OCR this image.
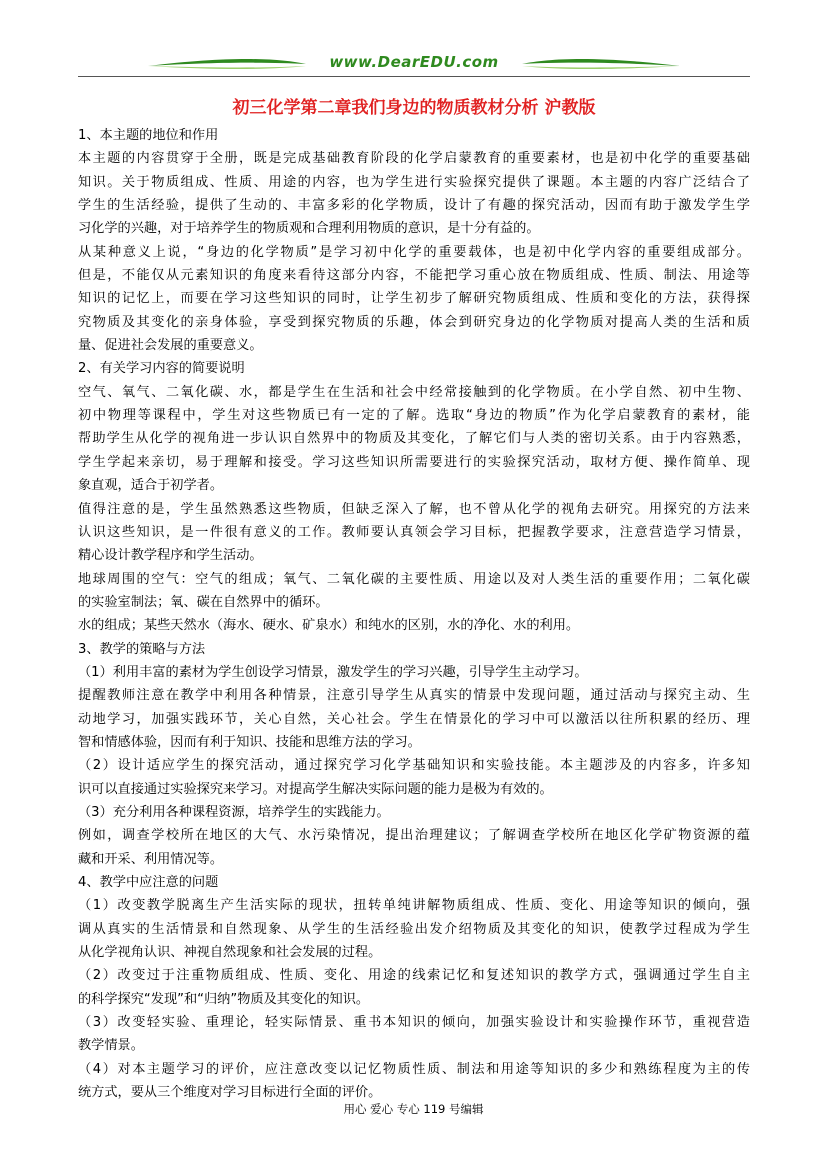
www.DearEDU.com
初三化学第二章我们身边的物质教材分析 沪教版
1、本主题的地位和作用
本主题的内容贯穿于全册，既是完成基础教育阶段的化学启蒙教育的重要素材，也是初中化学的重要基础
知识。关于物质组成、性质、用途的内容，也为学生进行实验探究提供了课题。本主题的内容广泛结合了
学生的生活经验，提供了生动的、丰富多彩的化学物质，设计了有趣的探究活动，因而有助于激发学生学
习化学的兴趣，对于培养学生的物质观和合理利用物质的意识，是十分有益的。
从某种意义上说，“身边的化学物质”是学习初中化学的重要载体，也是初中化学内容的重要组成部分。
但是，不能仅从元素知识的角度来看待这部分内容，不能把学习重心放在物质组成、性质、制法、用途等
知识的记忆上，而要在学习这些知识的同时，让学生初步了解研究物质组成、性质和变化的方法，获得探
究物质及其变化的亲身体验，享受到探究物质的乐趣，体会到研究身边的化学物质对提高人类的生活和质
量、促进社会发展的重要意义。
2、有关学习内容的简要说明
空气、氧气、二氧化碳、水，都是学生在生活和社会中经常接触到的化学物质。在小学自然、初中生物、
初中物理等课程中，学生对这些物质已有一定的了解。选取“身边的物质”作为化学启蒙教育的素材，能
帮助学生从化学的视角进一步认识自然界中的物质及其变化，了解它们与人类的密切关系。由于内容熟悉，
学生学起来亲切，易于理解和接受。学习这些知识所需要进行的实验探究活动，取材方便、操作简单、现
象直观，适合于初学者。
值得注意的是，学生虽然熟悉这些物质，但缺乏深入了解，也不曾从化学的视角去研究。用探究的方法来
认识这些知识，是一件很有意义的工作。教师要认真领会学习目标，把握教学要求，注意营造学习情景，
精心设计教学程序和学生活动。
地球周围的空气：空气的组成；氧气、二氧化碳的主要性质、用途以及对人类生活的重要作用；二氧化碳
的实验室制法；氧、碳在自然界中的循环。
水的组成；某些天然水（海水、硬水、矿泉水）和纯水的区别，水的净化、水的利用。
3、教学的策略与方法
（1）利用丰富的素材为学生创设学习情景，激发学生的学习兴趣，引导学生主动学习。
提醒教师注意在教学中利用各种情景，注意引导学生从真实的情景中发现问题，通过活动与探究主动、生
动地学习，加强实践环节，关心自然，关心社会。学生在情景化的学习中可以激活以往所积累的经历、理
智和情感体验，因而有利于知识、技能和思维方法的学习。
（2）设计适应学生的探究活动，通过探究学习化学基础知识和实验技能。本主题涉及的内容多，许多知
识可以直接通过实验探究来学习。对提高学生解决实际问题的能力是极为有效的。
（3）充分利用各种课程资源，培养学生的实践能力。
例如，调查学校所在地区的大气、水污染情况，提出治理建议；了解调查学校所在地区化学矿物资源的蕴
藏和开采、利用情况等。
4、教学中应注意的问题
（1）改变教学脱离生产生活实际的现状，扭转单纯讲解物质组成、性质、变化、用途等知识的倾向，强
调从真实的生活情景和自然现象、从学生的生活经验出发介绍物质及其变化的知识，使教学过程成为学生
从化学视角认识、神视自然现象和社会发展的过程。
（2）改变过于注重物质组成、性质、变化、用途的线索记忆和复述知识的教学方式，强调通过学生自主
的科学探究“发现”和“归纳”物质及其变化的知识。
（3）改变轻实验、重理论，轻实际情景、重书本知识的倾向，加强实验设计和实验操作环节，重视营造
教学情景。
（4）对本主题学习的评价，应注意改变以记忆物质性质、制法和用途等知识的多少和熟练程度为主的传
统方式，要从三个维度对学习目标进行全面的评价。
用心 爱心 专心 119 号编辑
